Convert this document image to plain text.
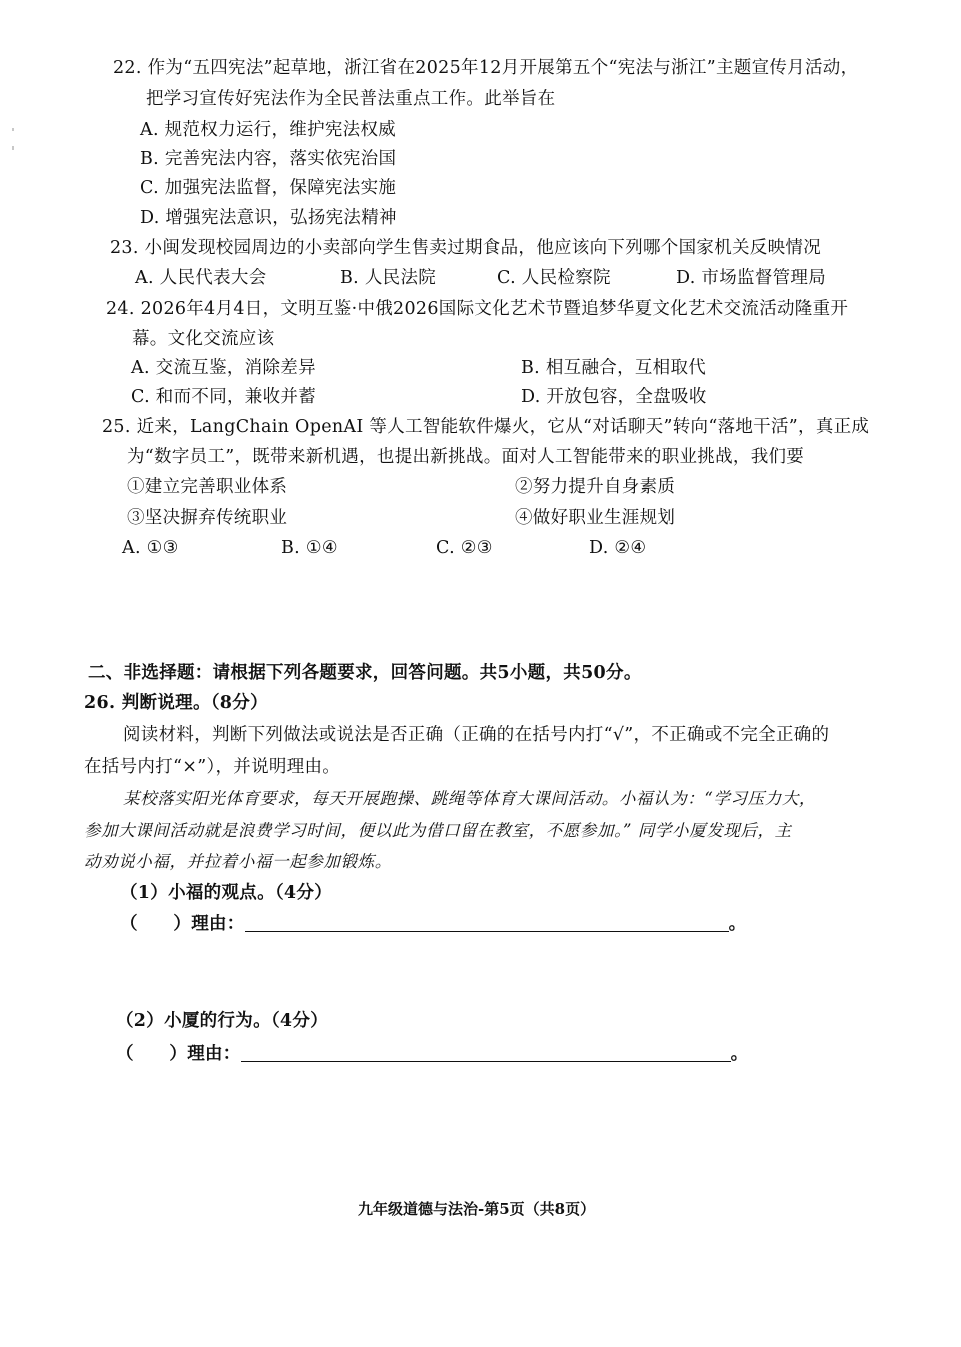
22. 作为“五四宪法”起草地，浙江省在2025年12月开展第五个“宪法与浙江”主题宣传月活动，
把学习宣传好宪法作为全民普法重点工作。此举旨在
A. 规范权力运行，维护宪法权威
B. 完善宪法内容，落实依宪治国
C. 加强宪法监督，保障宪法实施
D. 增强宪法意识，弘扬宪法精神
23. 小闽发现校园周边的小卖部向学生售卖过期食品，他应该向下列哪个国家机关反映情况
A. 人民代表大会	B. 人民法院	C. 人民检察院	D. 市场监督管理局
24. 2026年4月4日，文明互鉴·中俄2026国际文化艺术节暨追梦华夏文化艺术交流活动隆重开
幕。文化交流应该
A. 交流互鉴，消除差异	B. 相互融合，互相取代
C. 和而不同，兼收并蓄	D. 开放包容，全盘吸收
25. 近来，LangChain OpenAI 等人工智能软件爆火，它从“对话聊天”转向“落地干活”，真正成
为“数字员工”，既带来新机遇，也提出新挑战。面对人工智能带来的职业挑战，我们要
①建立完善职业体系	②努力提升自身素质
③坚决摒弃传统职业	④做好职业生涯规划
A. ①③	B. ①④	C. ②③	D. ②④
二、非选择题：请根据下列各题要求，回答问题。共5小题，共50分。
26. 判断说理。（8分）
阅读材料，判断下列做法或说法是否正确（正确的在括号内打“√”，不正确或不完全正确的
在括号内打“×”），并说明理由。
某校落实阳光体育要求，每天开展跑操、跳绳等体育大课间活动。小福认为：“学习压力大，
参加大课间活动就是浪费学习时间，便以此为借口留在教室，不愿参加。” 同学小厦发现后，主
动劝说小福，并拉着小福一起参加锻炼。
（1）小福的观点。（4分）
（　　）理由：	。
（2）小厦的行为。（4分）
（　　）理由：	。
九年级道德与法治-第5页（共8页）
